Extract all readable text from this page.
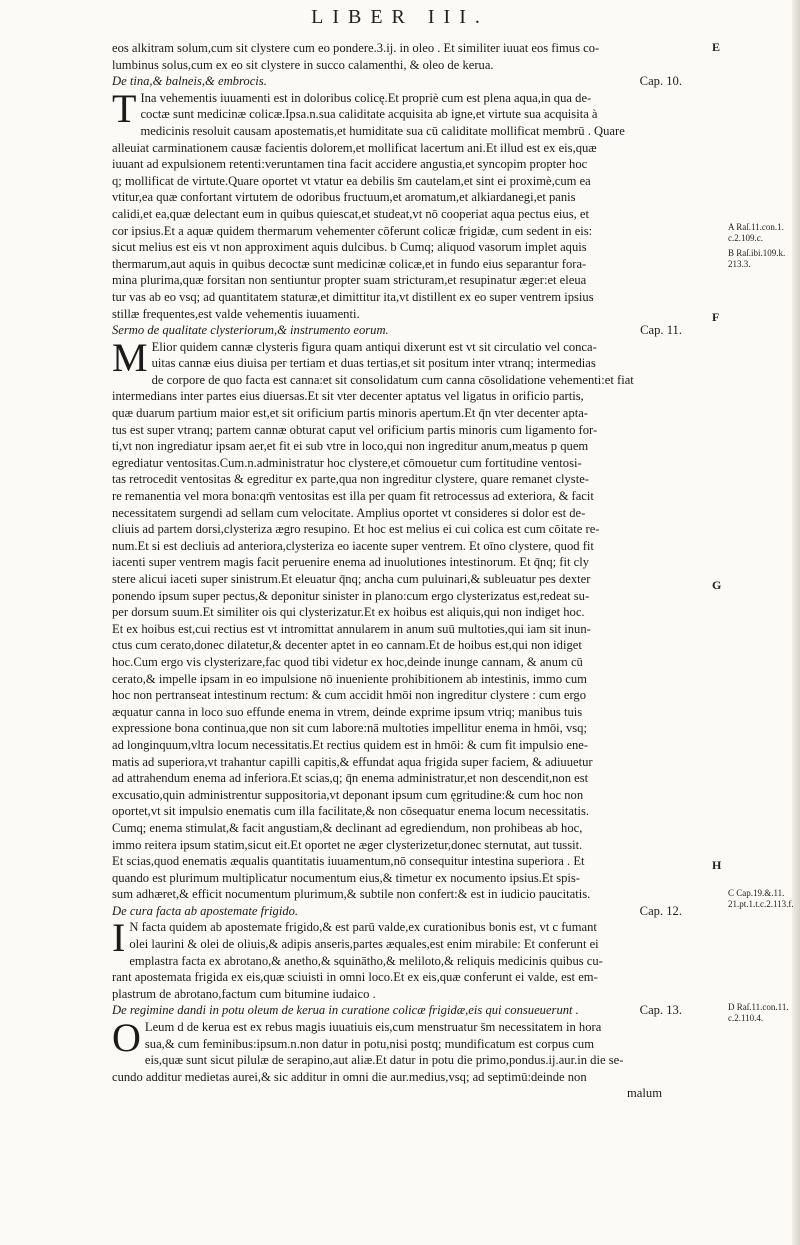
LIBER III.
eos alkitram solum,cum sit clystere cum eo pondere.3.ij. in oleo . Et similiter iuuat eos fimus co-
lumbinus solus,cum ex eo sit clystere in succo calamenthi, & oleo de kerua.
De tina,& balneis,& embrocis.	Cap. 10.
T Ina vehementis iuuamenti est in doloribus colicę.Et propriè cum est plena aqua,in qua de-
coctæ sunt medicinæ colicæ.Ipsa.n.sua caliditate acquisita ab igne,et virtute sua acquisita à
medicinis resoluit causam apostematis,et humiditate sua cū caliditate mollificat membrū . Quare
alleuiat carminationem causæ facientis dolorem,et mollificat lacertum ani.Et illud est ex eis,quæ
iuuant ad expulsionem retenti:veruntamen tina facit accidere angustia,et syncopim propter hoc
q; mollificat de virtute.Quare oportet vt vtatur ea debilis s̄m cautelam,et sint ei proximè,cum ea
vtitur,ea quæ confortant virtutem de odoribus fructuum,et aromatum,et alkiardanegi,et panis
calidi,et ea,quæ delectant eum in quibus quiescat,et studeat,vt nō cooperiat aqua pectus eius, et
cor ipsius.Et a aquæ quidem thermarum vehementer cōferunt colicæ frigidæ, cum sedent in eis:
sicut melius est eis vt non approximent aquis dulcibus. b Cumq; aliquod vasorum implet aquis
thermarum,aut aquis in quibus decoctæ sunt medicinæ colicæ,et in fundo eius separantur fora-
mina plurima,quæ forsitan non sentiuntur propter suam stricturam,et resupinatur æger:et eleua
tur vas ab eo vsq; ad quantitatem staturæ,et dimittitur ita,vt distillent ex eo super ventrem ipsius
stillæ frequentes,est valde vehementis iuuamenti.
Sermo de qualitate clysteriorum,& instrumento eorum.	Cap. 11.
M Elior quidem cannæ clysteris figura quam antiqui dixerunt est vt sit circulatio vel conca-
uitas cannæ eius diuisa per tertiam et duas tertias,et sit positum inter vtranq; intermedias
de corpore de quo facta est canna:et sit consolidatum cum canna cōsolidatione vehementi:et fiat
intermedians inter partes eius diuersas.Et sit vter decenter aptatus vel ligatus in orificio partis,
quæ duarum partium maior est,et sit orificium partis minoris apertum.Et q̄n vter decenter apta-
tus est super vtranq; partem cannæ obturat caput vel orificium partis minoris cum ligamento for-
ti,vt non ingrediatur ipsam aer,et fit ei sub vtre in loco,qui non ingreditur anum,meatus p quem
egrediatur ventositas.Cum.n.administratur hoc clystere,et cōmouetur cum fortitudine ventosi-
tas retrocedit ventositas & egreditur ex parte,qua non ingreditur clystere, quare remanet clyste-
re remanentia vel mora bona:qm̄ ventositas est illa per quam fit retrocessus ad exteriora, & facit
necessitatem surgendi ad sellam cum velocitate. Amplius oportet vt consideres si dolor est de-
cliuis ad partem dorsi,clysteriza ægro resupino. Et hoc est melius ei cui colica est cum cōitate re-
num.Et si est decliuis ad anteriora,clysteriza eo iacente super ventrem. Et oīno clystere, quod fit
iacenti super ventrem magis facit peruenire enema ad inuolutiones intestinorum. Et q̄nq; fit cly
stere alicui iaceti super sinistrum.Et eleuatur q̄nq; ancha cum puluinari,& subleuatur pes dexter
ponendo ipsum super pectus,& deponitur sinister in plano:cum ergo clysterizatus est,redeat su-
per dorsum suum.Et similiter ois qui clysterizatur.Et ex hoibus est aliquis,qui non indiget hoc.
Et ex hoibus est,cui rectius est vt intromittat annularem in anum suū multoties,qui iam sit inun-
ctus cum cerato,donec dilatetur,& decenter aptet in eo cannam.Et de hoibus est,qui non idiget
hoc.Cum ergo vis clysterizare,fac quod tibi videtur ex hoc,deinde inunge cannam, & anum cū
cerato,& impelle ipsam in eo impulsione nō inueniente prohibitionem ab intestinis, immo cum
hoc non pertranseat intestinum rectum: & cum accidit hmōi non ingreditur clystere : cum ergo
æquatur canna in loco suo effunde enema in vtrem, deinde exprime ipsum vtriq; manibus tuis
expressione bona continua,que non sit cum labore:nā multoties impellitur enema in hmōi, vsq;
ad longinquum,vltra locum necessitatis.Et rectius quidem est in hmōi: & cum fit impulsio ene-
matis ad superiora,vt trahantur capilli capitis,& effundat aqua frigida super faciem, & adiuuetur
ad attrahendum enema ad inferiora.Et scias,q; q̄n enema administratur,et non descendit,non est
excusatio,quin administrentur suppositoria,vt deponant ipsum cum ęgritudine:& cum hoc non
oportet,vt sit impulsio enematis cum illa facilitate,& non cōsequatur enema locum necessitatis.
Cumq; enema stimulat,& facit angustiam,& declinant ad egrediendum, non prohibeas ab hoc,
immo reitera ipsum statim,sicut eit.Et oportet ne æger clysterizetur,donec sternutat, aut tussit.
Et scias,quod enematis æqualis quantitatis iuuamentum,nō consequitur intestina superiora . Et
quando est plurimum multiplicatur nocumentum eius,& timetur ex nocumento ipsius.Et spis-
sum adhæret,& efficit nocumentum plurimum,& subtile non confert:& est in iudicio paucitatis.
De cura facta ab apostemate frigido.	Cap. 12.
I N facta quidem ab apostemate frigido,& est parū valde,ex curationibus bonis est, vt c fumant
olei laurini & olei de oliuis,& adipis anseris,partes æquales,est enim mirabile: Et conferunt ei
emplastra facta ex abrotano,& anetho,& squinātho,& meliloto,& reliquis medicinis quibus cu-
rant apostemata frigida ex eis,quæ sciuisti in omni loco.Et ex eis,quæ conferunt ei valde, est em-
plastrum de abrotano,factum cum bitumine iudaico .
De regimine dandi in potu oleum de kerua in curatione colicæ frigidæ,eis qui consueuerunt .	Cap. 13.
O Leum d de kerua est ex rebus magis iuuatiuis eis,cum menstruatur s̄m necessitatem in hora
sua,& cum feminibus:ipsum.n.non datur in potu,nisi postq; mundificatum est corpus cum
eis,quæ sunt sicut pilulæ de serapino,aut aliæ.Et datur in potu die primo,pondus.ij.aur.in die se-
cundo additur medietas aurei,& sic additur in omni die aur.medius,vsq; ad septimū:deinde non
malum
E
F
G
H
A Raſ.11.con.1. c.2.109.c.
B Raſ.ibi.109.k. 213.3.
C Cap.19.&.11. 21.pt.1.t.c.2.113.f.
D Raſ.11.con.11. c.2.110.4.
